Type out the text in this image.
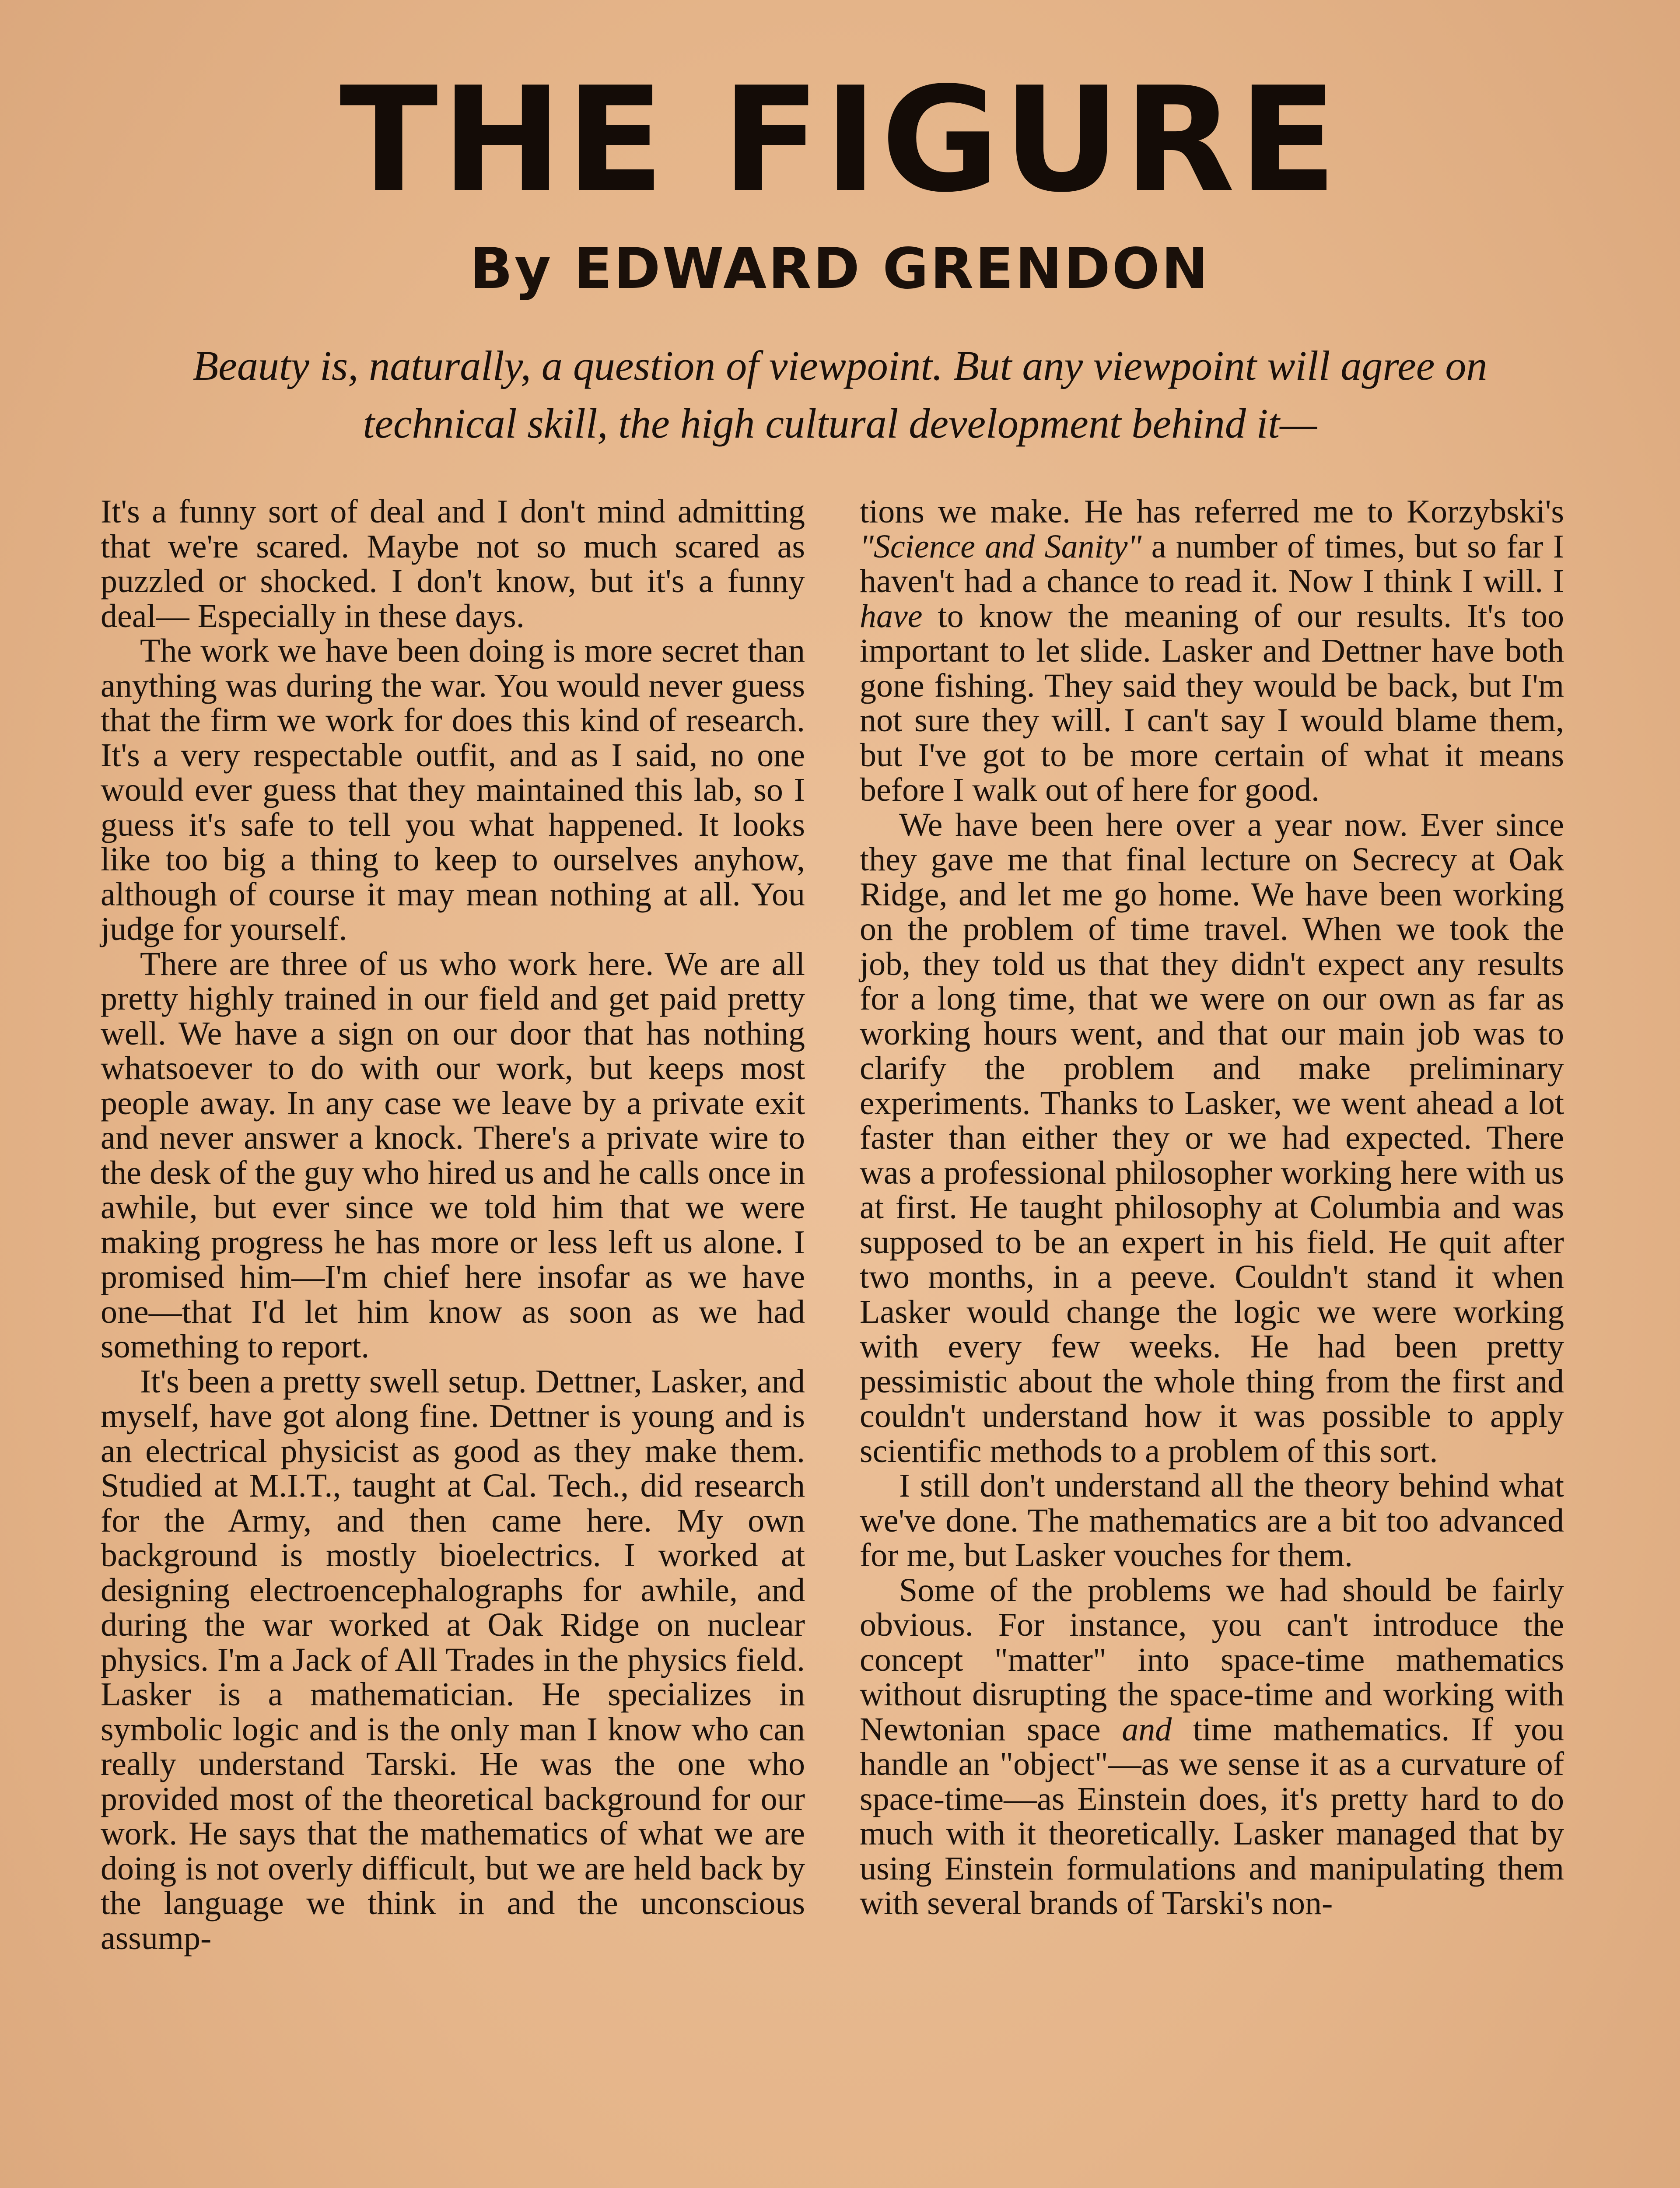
THE FIGURE
By EDWARD GRENDON
Beauty is, naturally, a question of viewpoint. But any viewpoint will agree on technical skill, the high cultural development behind it—

It's a funny sort of deal and I don't mind admitting that we're scared. Maybe not so much scared as puzzled or shocked. I don't know, but it's a funny deal— Especially in these days.

The work we have been doing is more secret than anything was during the war. You would never guess that the firm we work for does this kind of research. It's a very respectable outfit, and as I said, no one would ever guess that they maintained this lab, so I guess it's safe to tell you what happened. It looks like too big a thing to keep to ourselves anyhow, although of course it may mean nothing at all. You judge for yourself.

There are three of us who work here. We are all pretty highly trained in our field and get paid pretty well. We have a sign on our door that has nothing whatsoever to do with our work, but keeps most people away. In any case we leave by a private exit and never answer a knock. There's a private wire to the desk of the guy who hired us and he calls once in awhile, but ever since we told him that we were making progress he has more or less left us alone. I promised him—I'm chief here insofar as we have one—that I'd let him know as soon as we had something to report.

It's been a pretty swell setup. Dettner, Lasker, and myself, have got along fine. Dettner is young and is an electrical physicist as good as they make them. Studied at M.I.T., taught at Cal. Tech., did research for the Army, and then came here. My own background is mostly bioelectrics. I worked at designing electroencephalographs for awhile, and during the war worked at Oak Ridge on nuclear physics. I'm a Jack of All Trades in the physics field. Lasker is a mathematician. He specializes in symbolic logic and is the only man I know who can really understand Tarski. He was the one who provided most of the theoretical background for our work. He says that the mathematics of what we are doing is not overly difficult, but we are held back by the language we think in and the unconscious assump-

tions we make. He has referred me to Korzybski's "Science and Sanity" a number of times, but so far I haven't had a chance to read it. Now I think I will. I have to know the meaning of our results. It's too important to let slide. Lasker and Dettner have both gone fishing. They said they would be back, but I'm not sure they will. I can't say I would blame them, but I've got to be more certain of what it means before I walk out of here for good.

We have been here over a year now. Ever since they gave me that final lecture on Secrecy at Oak Ridge, and let me go home. We have been working on the problem of time travel. When we took the job, they told us that they didn't expect any results for a long time, that we were on our own as far as working hours went, and that our main job was to clarify the problem and make preliminary experiments. Thanks to Lasker, we went ahead a lot faster than either they or we had expected. There was a professional philosopher working here with us at first. He taught philosophy at Columbia and was supposed to be an expert in his field. He quit after two months, in a peeve. Couldn't stand it when Lasker would change the logic we were working with every few weeks. He had been pretty pessimistic about the whole thing from the first and couldn't understand how it was possible to apply scientific methods to a problem of this sort.

I still don't understand all the theory behind what we've done. The mathematics are a bit too advanced for me, but Lasker vouches for them.

Some of the problems we had should be fairly obvious. For instance, you can't introduce the concept "matter" into space-time mathematics without disrupting the space-time and working with Newtonian space and time mathematics. If you handle an "object"—as we sense it as a curvature of space-time—as Einstein does, it's pretty hard to do much with it theoretically. Lasker managed that by using Einstein formulations and manipulating them with several brands of Tarski's non-
